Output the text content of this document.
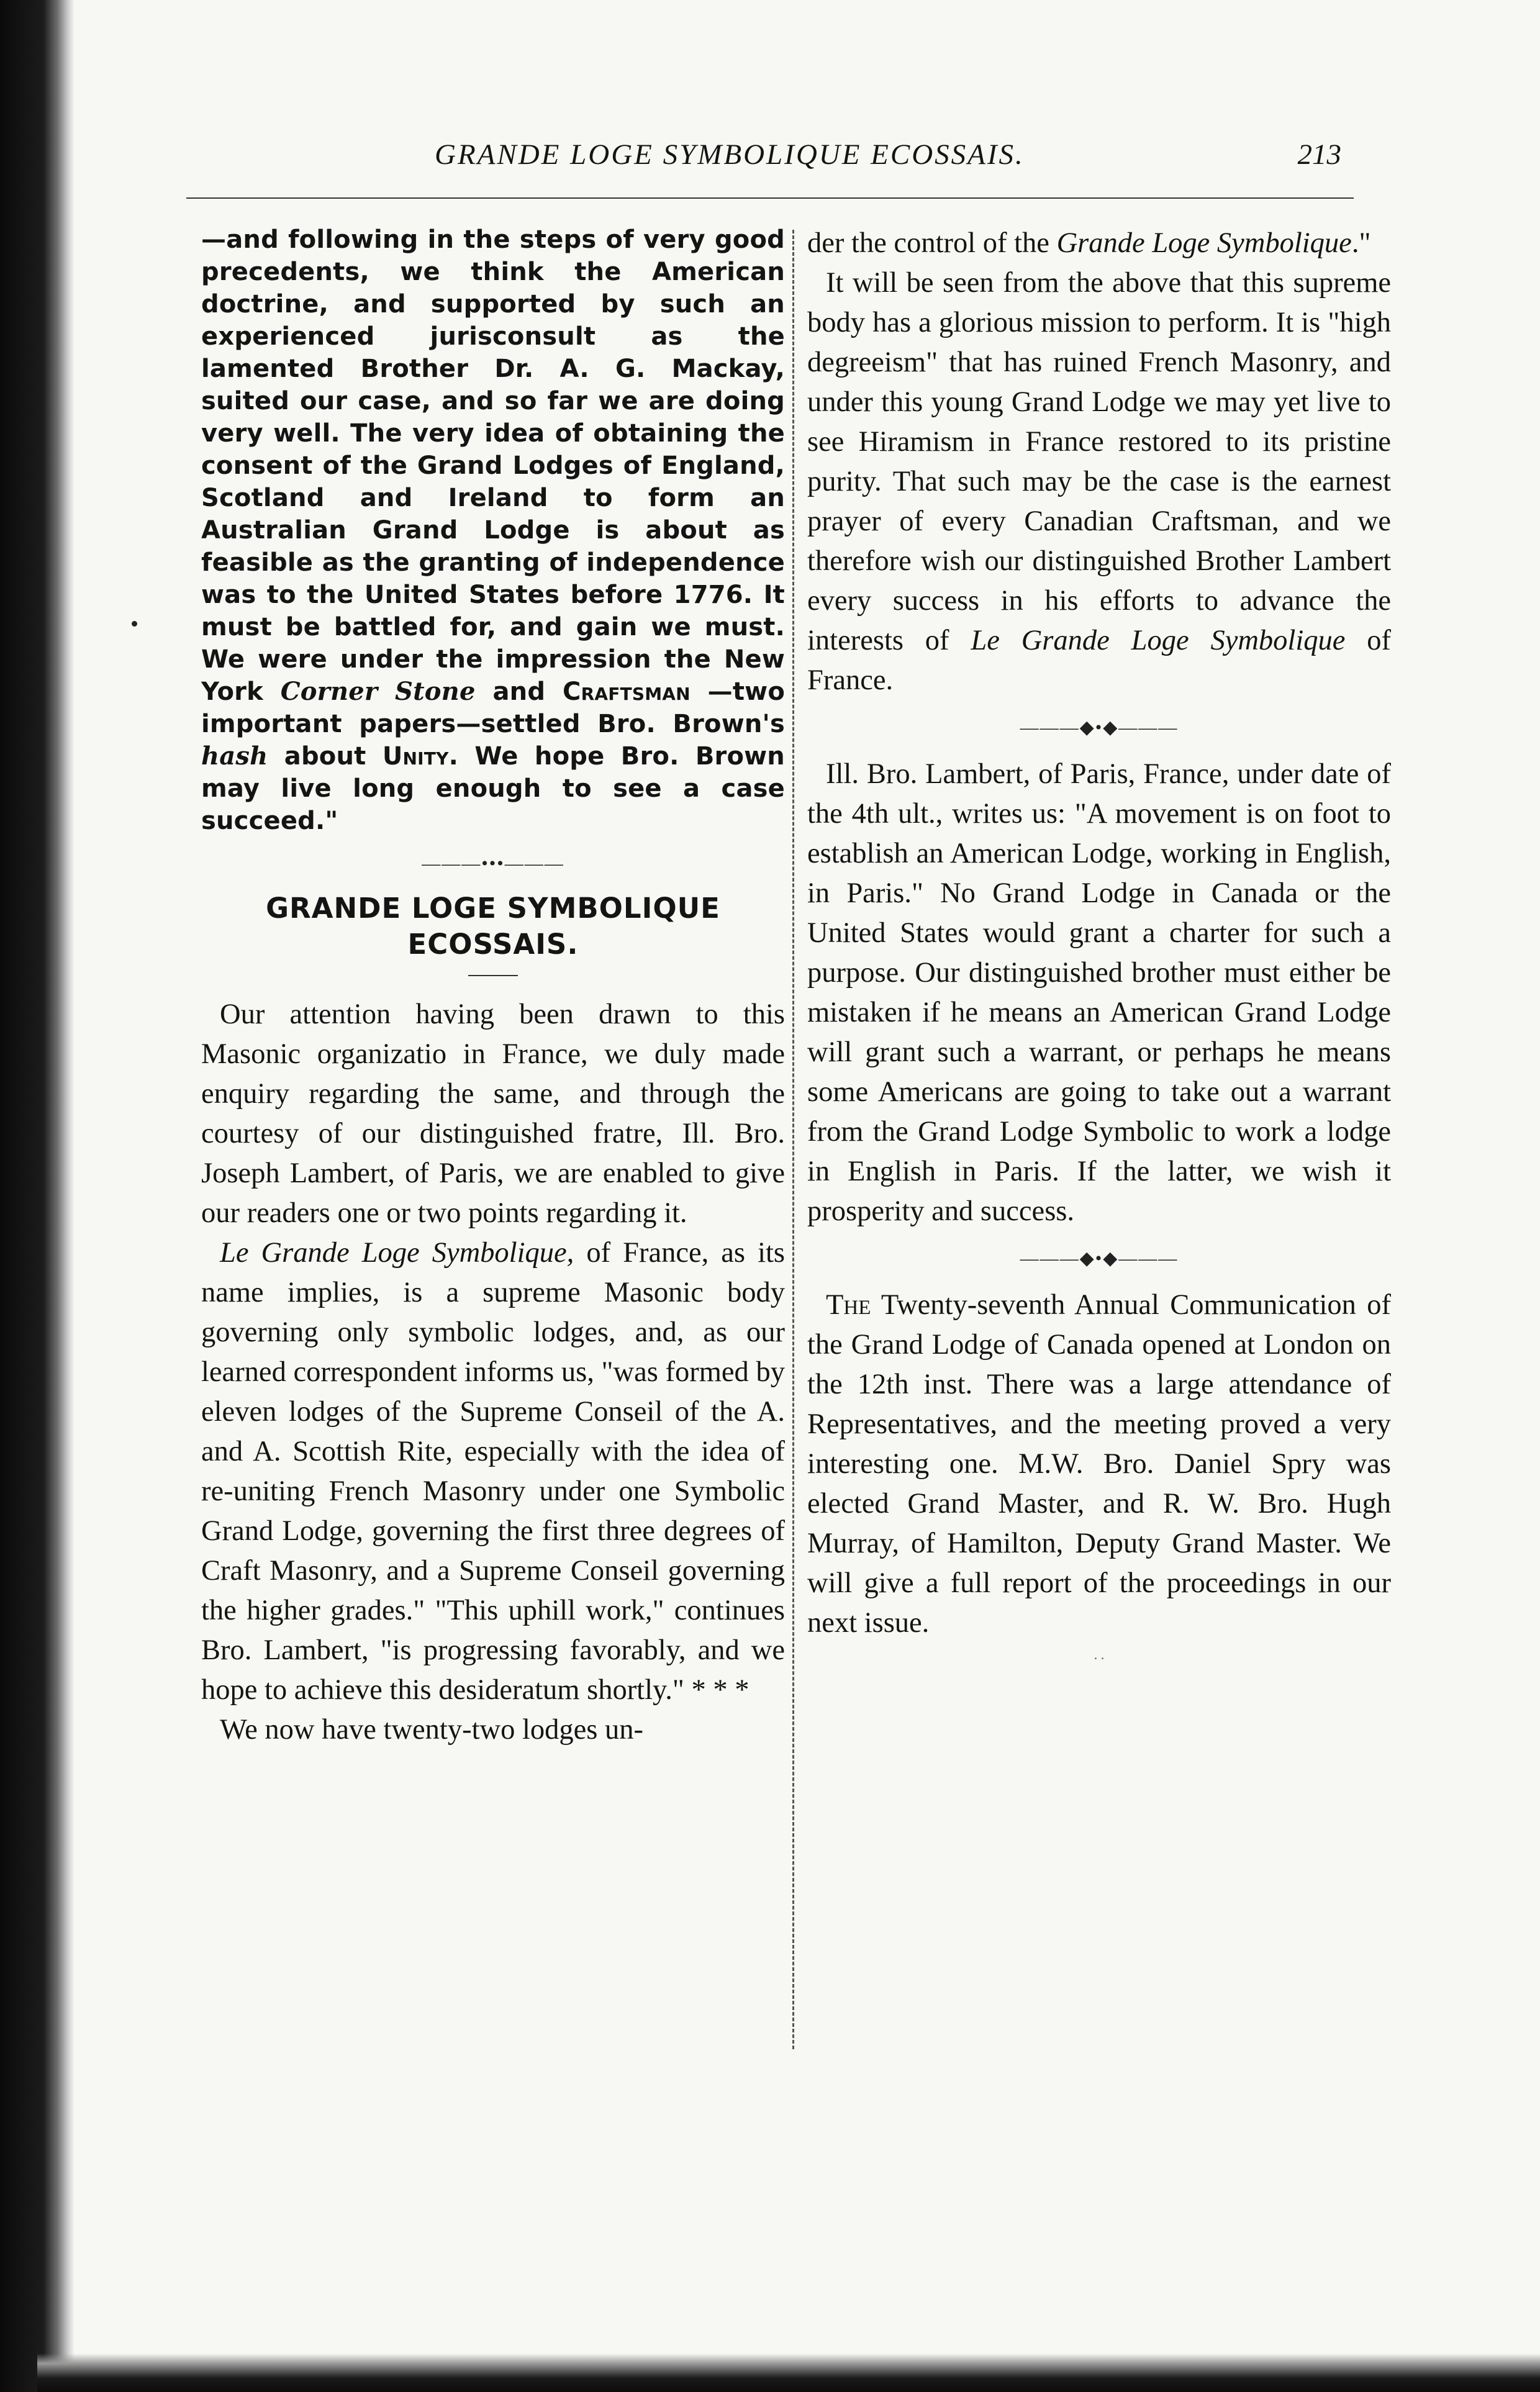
GRANDE LOGE SYMBOLIQUE ECOSSAIS.	213

—and following in the steps of very good precedents, we think the American doctrine, and supported by such an experienced jurisconsult as the lamented Brother Dr. A. G. Mackay, suited our case, and so far we are doing very well. The very idea of obtaining the consent of the Grand Lodges of England, Scotland and Ireland to form an Australian Grand Lodge is about as feasible as the granting of independence was to the United States before 1776. It must be battled for, and gain we must. We were under the impression the New York Corner Stone and Craftsman —two important papers—settled Bro. Brown's hash about Unity. We hope Bro. Brown may live long enough to see a case succeed."

———•••———
GRANDE LOGE SYMBOLIQUE ECOSSAIS.

Our attention having been drawn to this Masonic organizatio in France, we duly made enquiry regarding the same, and through the courtesy of our distinguished fratre, Ill. Bro. Joseph Lambert, of Paris, we are enabled to give our readers one or two points regarding it.

Le Grande Loge Symbolique, of France, as its name implies, is a supreme Masonic body governing only symbolic lodges, and, as our learned correspondent informs us, "was formed by eleven lodges of the Supreme Conseil of the A. and A. Scottish Rite, especially with the idea of re-uniting French Masonry under one Symbolic Grand Lodge, governing the first three degrees of Craft Masonry, and a Supreme Conseil governing the higher grades." "This uphill work," continues Bro. Lambert, "is progressing favorably, and we hope to achieve this desideratum shortly." * * *

We now have twenty-two lodges un-

der the control of the Grande Loge Symbolique."

It will be seen from the above that this supreme body has a glorious mission to perform. It is "high degreeism" that has ruined French Masonry, and under this young Grand Lodge we may yet live to see Hiramism in France restored to its pristine purity. That such may be the case is the earnest prayer of every Canadian Craftsman, and we therefore wish our distinguished Brother Lambert every success in his efforts to advance the interests of Le Grande Loge Symbolique of France.

———◆•◆———

Ill. Bro. Lambert, of Paris, France, under date of the 4th ult., writes us: "A movement is on foot to establish an American Lodge, working in English, in Paris." No Grand Lodge in Canada or the United States would grant a charter for such a purpose. Our distinguished brother must either be mistaken if he means an American Grand Lodge will grant such a warrant, or perhaps he means some Americans are going to take out a warrant from the Grand Lodge Symbolic to work a lodge in English in Paris. If the latter, we wish it prosperity and success.

———◆•◆———

The Twenty-seventh Annual Communication of the Grand Lodge of Canada opened at London on the 12th inst. There was a large attendance of Representatives, and the meeting proved a very interesting one. M.W. Bro. Daniel Spry was elected Grand Master, and R. W. Bro. Hugh Murray, of Hamilton, Deputy Grand Master. We will give a full report of the proceedings in our next issue.

. .
